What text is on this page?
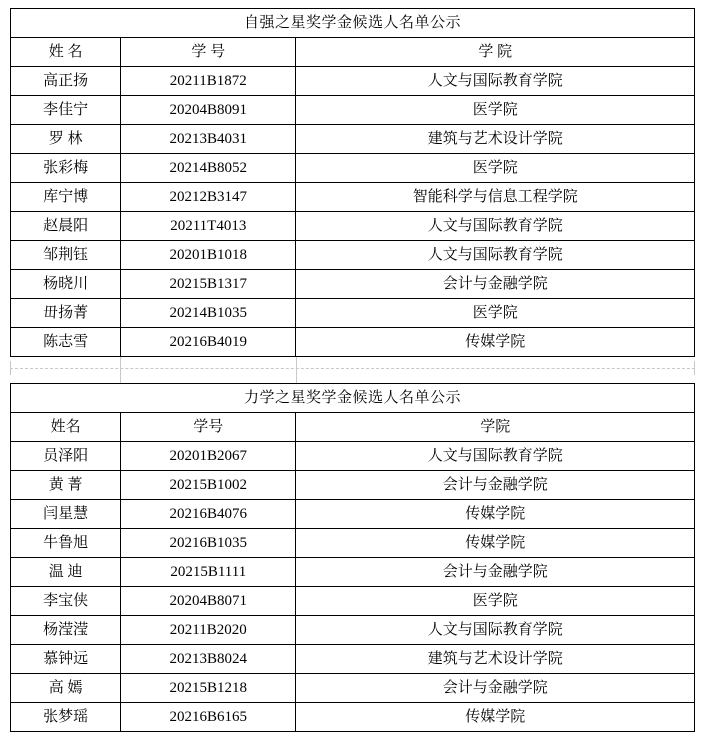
自强之星奖学金候选人名单公示		
姓 名	学 号	学 院
高正扬	20211B1872	人文与国际教育学院
李佳宁	20204B8091	医学院
罗 林	20213B4031	建筑与艺术设计学院
张彩梅	20214B8052	医学院
库宁博	20212B3147	智能科学与信息工程学院
赵晨阳	20211T4013	人文与国际教育学院
邹荆钰	20201B1018	人文与国际教育学院
杨晓川	20215B1317	会计与金融学院
毌扬菁	20214B1035	医学院
陈志雪	20216B4019	传媒学院
力学之星奖学金候选人名单公示		
姓名	学号	学院
员泽阳	20201B2067	人文与国际教育学院
黄 菁	20215B1002	会计与金融学院
闫星慧	20216B4076	传媒学院
牛鲁旭	20216B1035	传媒学院
温 迪	20215B1111	会计与金融学院
李宝侠	20204B8071	医学院
杨滢滢	20211B2020	人文与国际教育学院
慕钟远	20213B8024	建筑与艺术设计学院
高 嫣	20215B1218	会计与金融学院
张梦瑶	20216B6165	传媒学院
